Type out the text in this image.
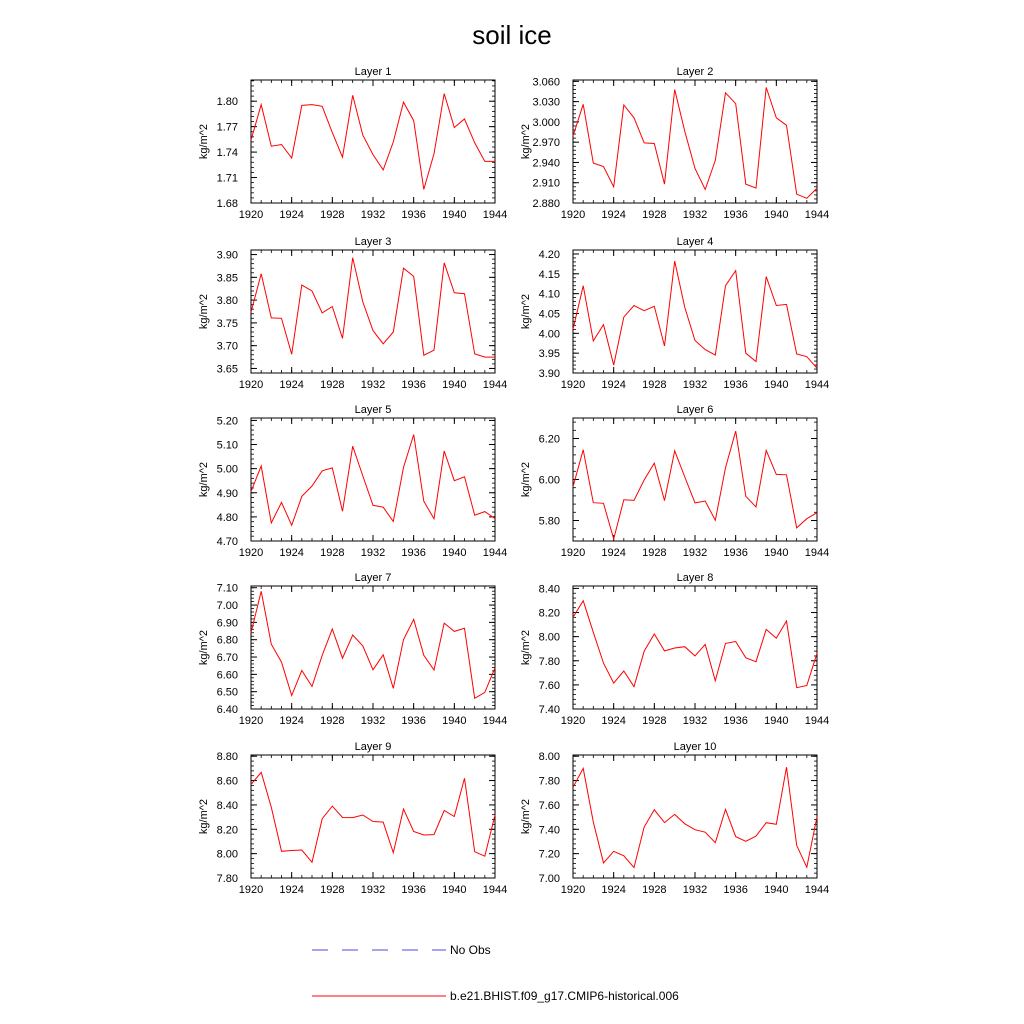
soil ice
Layer 1
kg/m^2
1920 1924 1928 1932 1936 1940 1944
1.68
1.71
1.74
1.77
1.80
Layer 2
kg/m^2
1920 1924 1928 1932 1936 1940 1944
2.880
2.910
2.940
2.970
3.000
3.030
3.060
Layer 3
kg/m^2
1920 1924 1928 1932 1936 1940 1944
3.65
3.70
3.75
3.80
3.85
3.90
Layer 4
kg/m^2
1920 1924 1928 1932 1936 1940 1944
3.90
3.95
4.00
4.05
4.10
4.15
4.20
Layer 5
kg/m^2
1920 1924 1928 1932 1936 1940 1944
4.70
4.80
4.90
5.00
5.10
5.20
Layer 6
kg/m^2
1920 1924 1928 1932 1936 1940 1944
5.80
6.00
6.20
Layer 7
kg/m^2
1920 1924 1928 1932 1936 1940 1944
6.40
6.50
6.60
6.70
6.80
6.90
7.00
7.10
Layer 8
kg/m^2
1920 1924 1928 1932 1936 1940 1944
7.40
7.60
7.80
8.00
8.20
8.40
Layer 9
kg/m^2
1920 1924 1928 1932 1936 1940 1944
7.80
8.00
8.20
8.40
8.60
8.80
Layer 10
kg/m^2
1920 1924 1928 1932 1936 1940 1944
7.00
7.20
7.40
7.60
7.80
8.00
No Obs
b.e21.BHIST.f09_g17.CMIP6-historical.006
